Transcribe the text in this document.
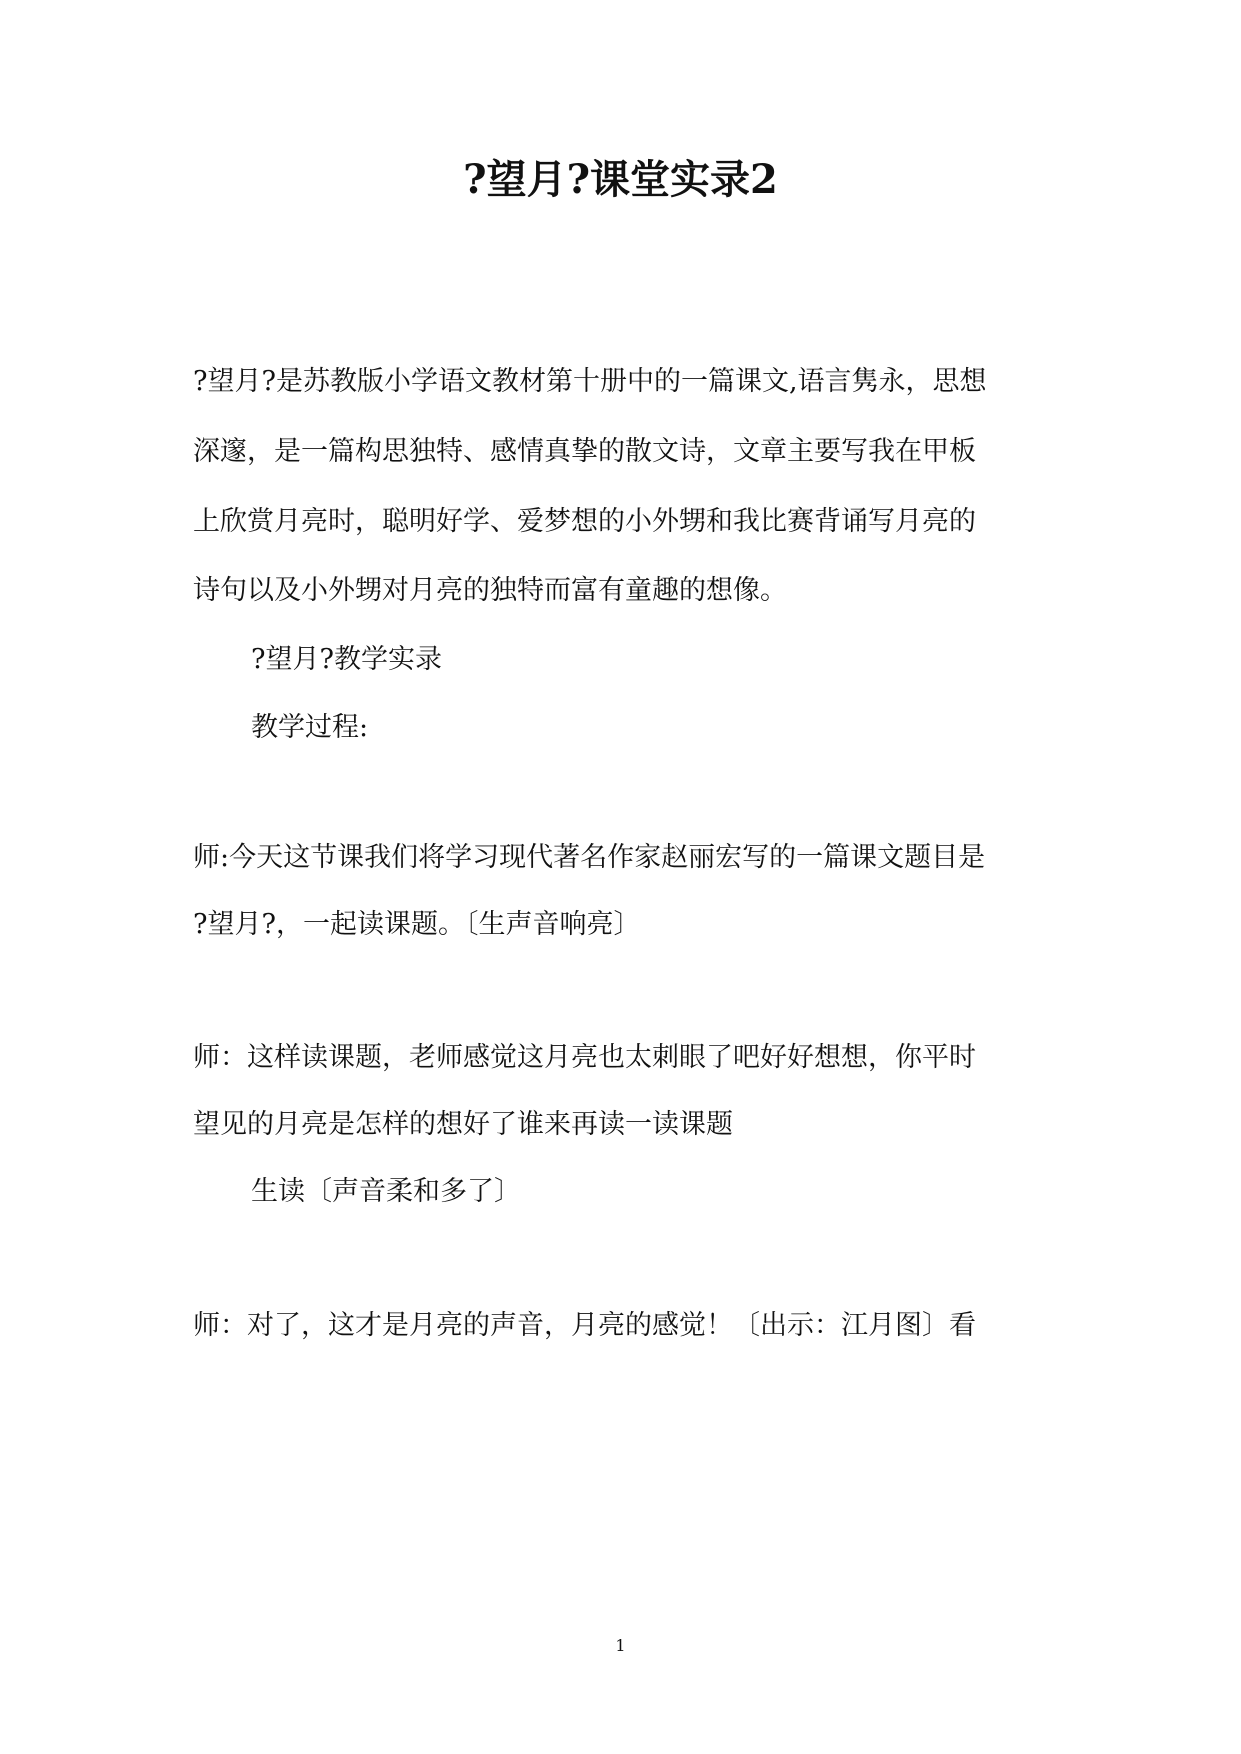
?望月?课堂实录2
?望月?是苏教版小学语文教材第十册中的一篇课文,语言隽永，思想
深邃，是一篇构思独特、感情真挚的散文诗，文章主要写我在甲板
上欣赏月亮时，聪明好学、爱梦想的小外甥和我比赛背诵写月亮的
诗句以及小外甥对月亮的独特而富有童趣的想像。
?望月?教学实录
教学过程:
师:今天这节课我们将学习现代著名作家赵丽宏写的一篇课文题目是
?望月?，一起读课题。〔生声音响亮〕
师：这样读课题，老师感觉这月亮也太刺眼了吧好好想想，你平时
望见的月亮是怎样的想好了谁来再读一读课题
生读〔声音柔和多了〕
师：对了，这才是月亮的声音，月亮的感觉！〔出示：江月图〕看
1
